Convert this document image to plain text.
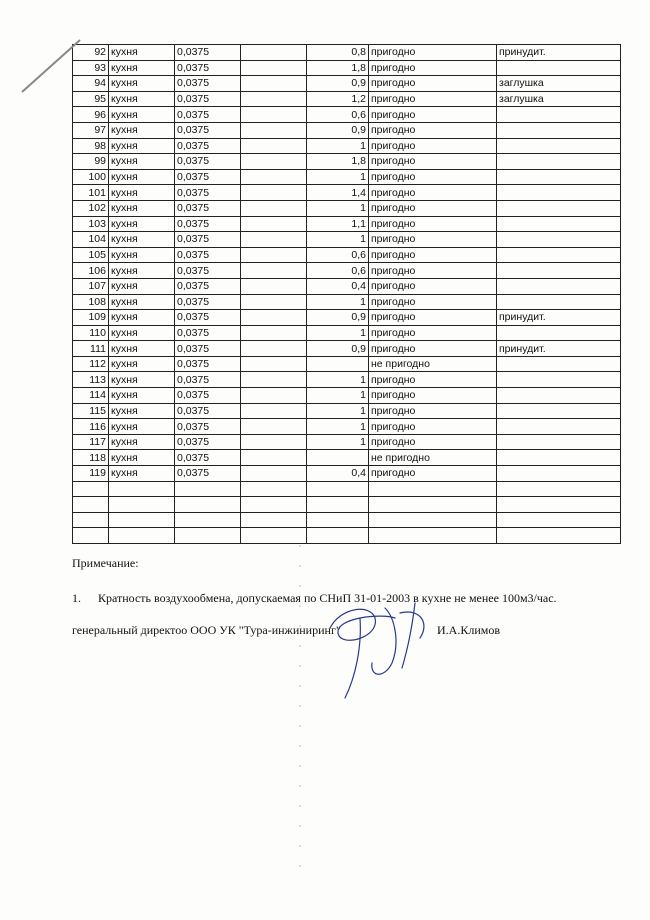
92	кухня	0,0375		0,8	пригодно	принудит.
93	кухня	0,0375		1,8	пригодно	
94	кухня	0,0375		0,9	пригодно	заглушка
95	кухня	0,0375		1,2	пригодно	заглушка
96	кухня	0,0375		0,6	пригодно	
97	кухня	0,0375		0,9	пригодно	
98	кухня	0,0375		1	пригодно	
99	кухня	0,0375		1,8	пригодно	
100	кухня	0,0375		1	пригодно	
101	кухня	0,0375		1,4	пригодно	
102	кухня	0,0375		1	пригодно	
103	кухня	0,0375		1,1	пригодно	
104	кухня	0,0375		1	пригодно	
105	кухня	0,0375		0,6	пригодно	
106	кухня	0,0375		0,6	пригодно	
107	кухня	0,0375		0,4	пригодно	
108	кухня	0,0375		1	пригодно	
109	кухня	0,0375		0,9	пригодно	принудит.
110	кухня	0,0375		1	пригодно	
111	кухня	0,0375		0,9	пригодно	принудит.
112	кухня	0,0375			не пригодно	
113	кухня	0,0375		1	пригодно	
114	кухня	0,0375		1	пригодно	
115	кухня	0,0375		1	пригодно	
116	кухня	0,0375		1	пригодно	
117	кухня	0,0375		1	пригодно	
118	кухня	0,0375			не пригодно	
119	кухня	0,0375		0,4	пригодно	

Примечание:
1. Кратность воздухообмена, допускаемая по СНиП 31-01-2003 в кухне не менее 100м3/час.
генеральный директоо ООО УК "Тура-инжиниринг"	И.А.Климов
